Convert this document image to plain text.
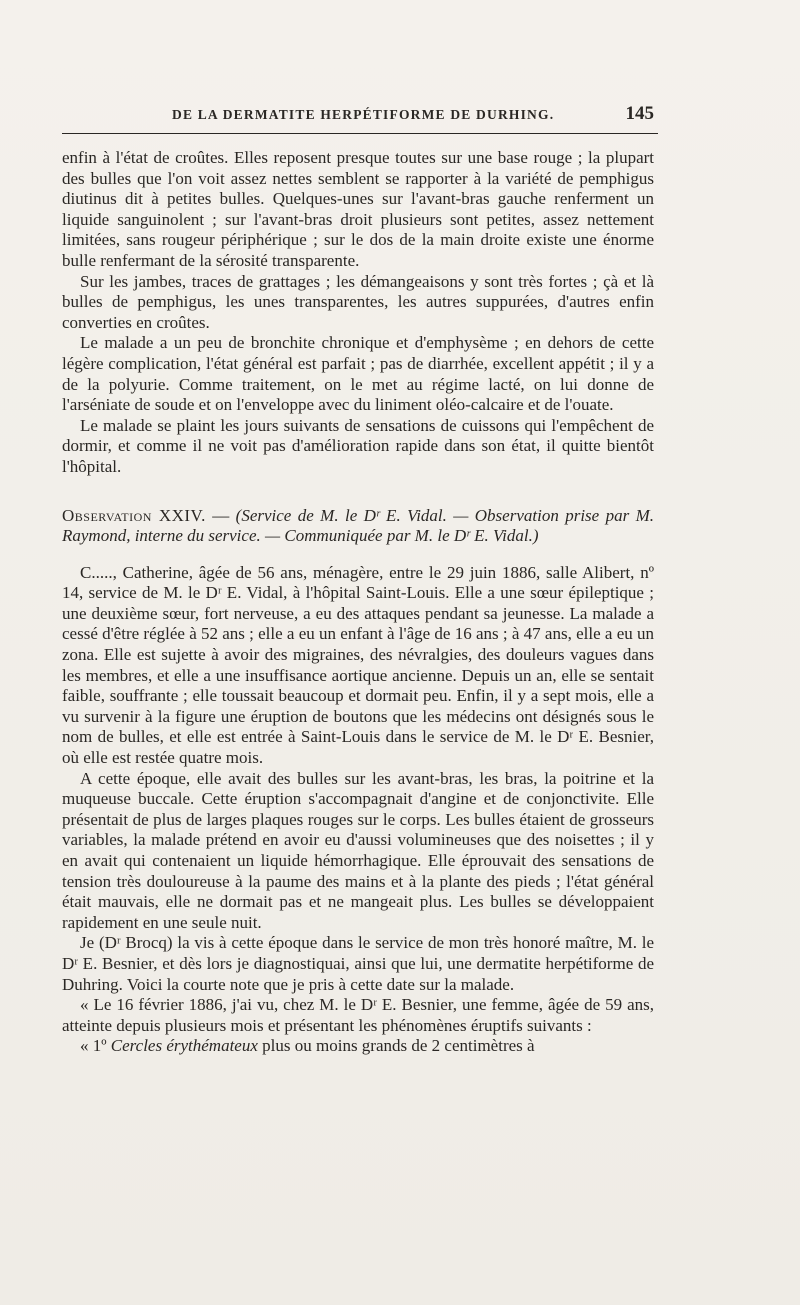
DE LA DERMATITE HERPÉTIFORME DE DURHING.	145

enfin à l'état de croûtes. Elles reposent presque toutes sur une base rouge ; la plupart des bulles que l'on voit assez nettes semblent se rapporter à la variété de pemphigus diutinus dit à petites bulles. Quelques-unes sur l'avant-bras gauche renferment un liquide sanguinolent ; sur l'avant-bras droit plusieurs sont petites, assez nettement limitées, sans rougeur périphérique ; sur le dos de la main droite existe une énorme bulle renfermant de la sérosité transparente.

Sur les jambes, traces de grattages ; les démangeaisons y sont très fortes ; çà et là bulles de pemphigus, les unes transparentes, les autres suppurées, d'autres enfin converties en croûtes.

Le malade a un peu de bronchite chronique et d'emphysème ; en dehors de cette légère complication, l'état général est parfait ; pas de diarrhée, excellent appétit ; il y a de la polyurie. Comme traitement, on le met au régime lacté, on lui donne de l'arséniate de soude et on l'enveloppe avec du liniment oléo-calcaire et de l'ouate.

Le malade se plaint les jours suivants de sensations de cuissons qui l'empêchent de dormir, et comme il ne voit pas d'amélioration rapide dans son état, il quitte bientôt l'hôpital.

Observation XXIV. — (Service de M. le Dʳ E. Vidal. — Observation prise par M. Raymond, interne du service. — Communiquée par M. le Dʳ E. Vidal.)

C....., Catherine, âgée de 56 ans, ménagère, entre le 29 juin 1886, salle Alibert, nº 14, service de M. le Dʳ E. Vidal, à l'hôpital Saint-Louis. Elle a une sœur épileptique ; une deuxième sœur, fort nerveuse, a eu des attaques pendant sa jeunesse. La malade a cessé d'être réglée à 52 ans ; elle a eu un enfant à l'âge de 16 ans ; à 47 ans, elle a eu un zona. Elle est sujette à avoir des migraines, des névralgies, des douleurs vagues dans les membres, et elle a une insuffisance aortique ancienne. Depuis un an, elle se sentait faible, souffrante ; elle toussait beaucoup et dormait peu. Enfin, il y a sept mois, elle a vu survenir à la figure une éruption de boutons que les médecins ont désignés sous le nom de bulles, et elle est entrée à Saint-Louis dans le service de M. le Dʳ E. Besnier, où elle est restée quatre mois.

A cette époque, elle avait des bulles sur les avant-bras, les bras, la poitrine et la muqueuse buccale. Cette éruption s'accompagnait d'angine et de conjonctivite. Elle présentait de plus de larges plaques rouges sur le corps. Les bulles étaient de grosseurs variables, la malade prétend en avoir eu d'aussi volumineuses que des noisettes ; il y en avait qui contenaient un liquide hémorrhagique. Elle éprouvait des sensations de tension très douloureuse à la paume des mains et à la plante des pieds ; l'état général était mauvais, elle ne dormait pas et ne mangeait plus. Les bulles se développaient rapidement en une seule nuit.

Je (Dʳ Brocq) la vis à cette époque dans le service de mon très honoré maître, M. le Dʳ E. Besnier, et dès lors je diagnostiquai, ainsi que lui, une dermatite herpétiforme de Duhring. Voici la courte note que je pris à cette date sur la malade.

« Le 16 février 1886, j'ai vu, chez M. le Dʳ E. Besnier, une femme, âgée de 59 ans, atteinte depuis plusieurs mois et présentant les phénomènes éruptifs suivants :

« 1º Cercles érythémateux plus ou moins grands de 2 centimètres à
